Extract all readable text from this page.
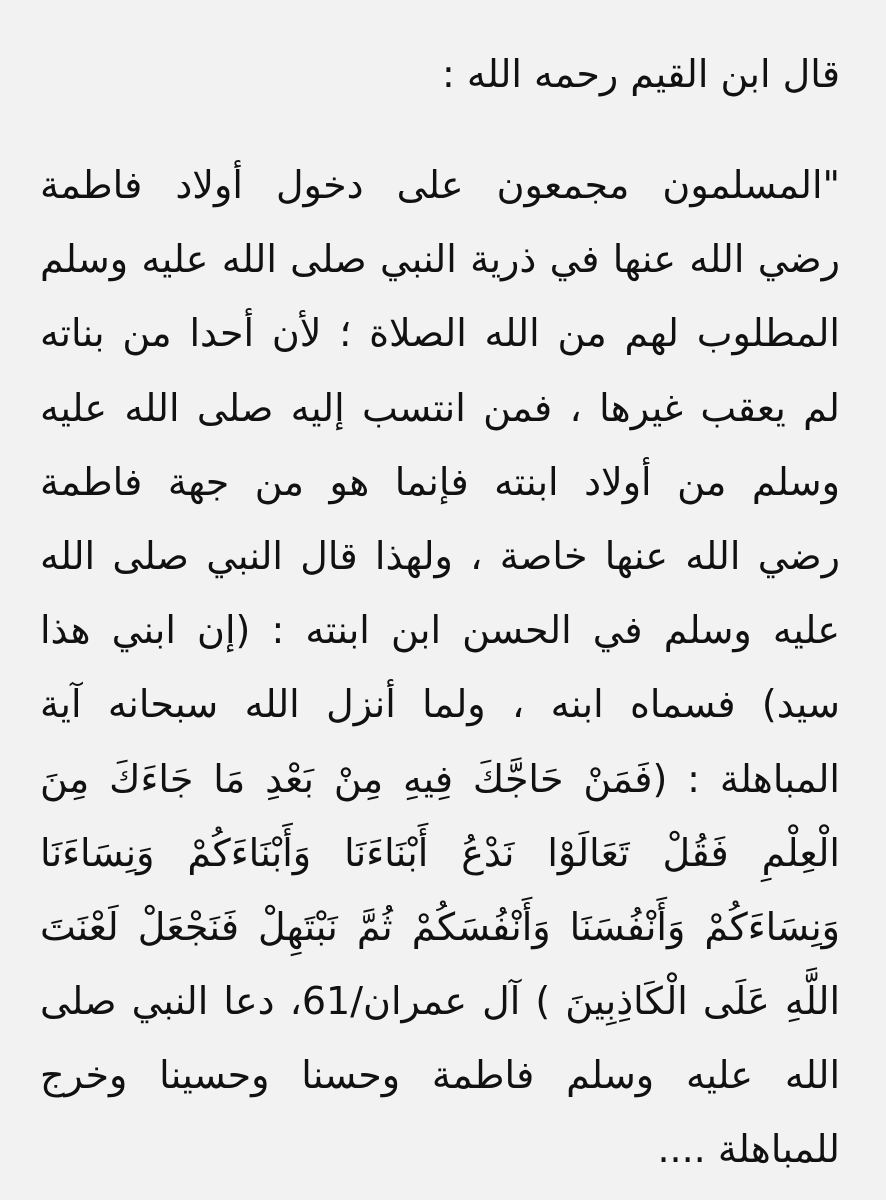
قال ابن القيم رحمه الله :
"المسلمون مجمعون على دخول أولاد فاطمة
رضي الله عنها في ذرية النبي صلى الله عليه وسلم
المطلوب لهم من الله الصلاة ؛ لأن أحدا من بناته
لم يعقب غيرها ، فمن انتسب إليه صلى الله عليه
وسلم من أولاد ابنته فإنما هو من جهة فاطمة
رضي الله عنها خاصة ، ولهذا قال النبي صلى الله
عليه وسلم في الحسن ابن ابنته : (إن ابني هذا
سيد) فسماه ابنه ، ولما أنزل الله سبحانه آية
المباهلة : (فَمَنْ حَاجَّكَ فِيهِ مِنْ بَعْدِ مَا جَاءَكَ مِنَ
الْعِلْمِ فَقُلْ تَعَالَوْا نَدْعُ أَبْنَاءَنَا وَأَبْنَاءَكُمْ وَنِسَاءَنَا
وَنِسَاءَكُمْ وَأَنْفُسَنَا وَأَنْفُسَكُمْ ثُمَّ نَبْتَهِلْ فَنَجْعَلْ لَعْنَتَ
اللَّهِ عَلَى الْكَاذِبِينَ ) آل عمران/61، دعا النبي صلى
الله عليه وسلم فاطمة وحسنا وحسينا وخرج
للمباهلة ....
